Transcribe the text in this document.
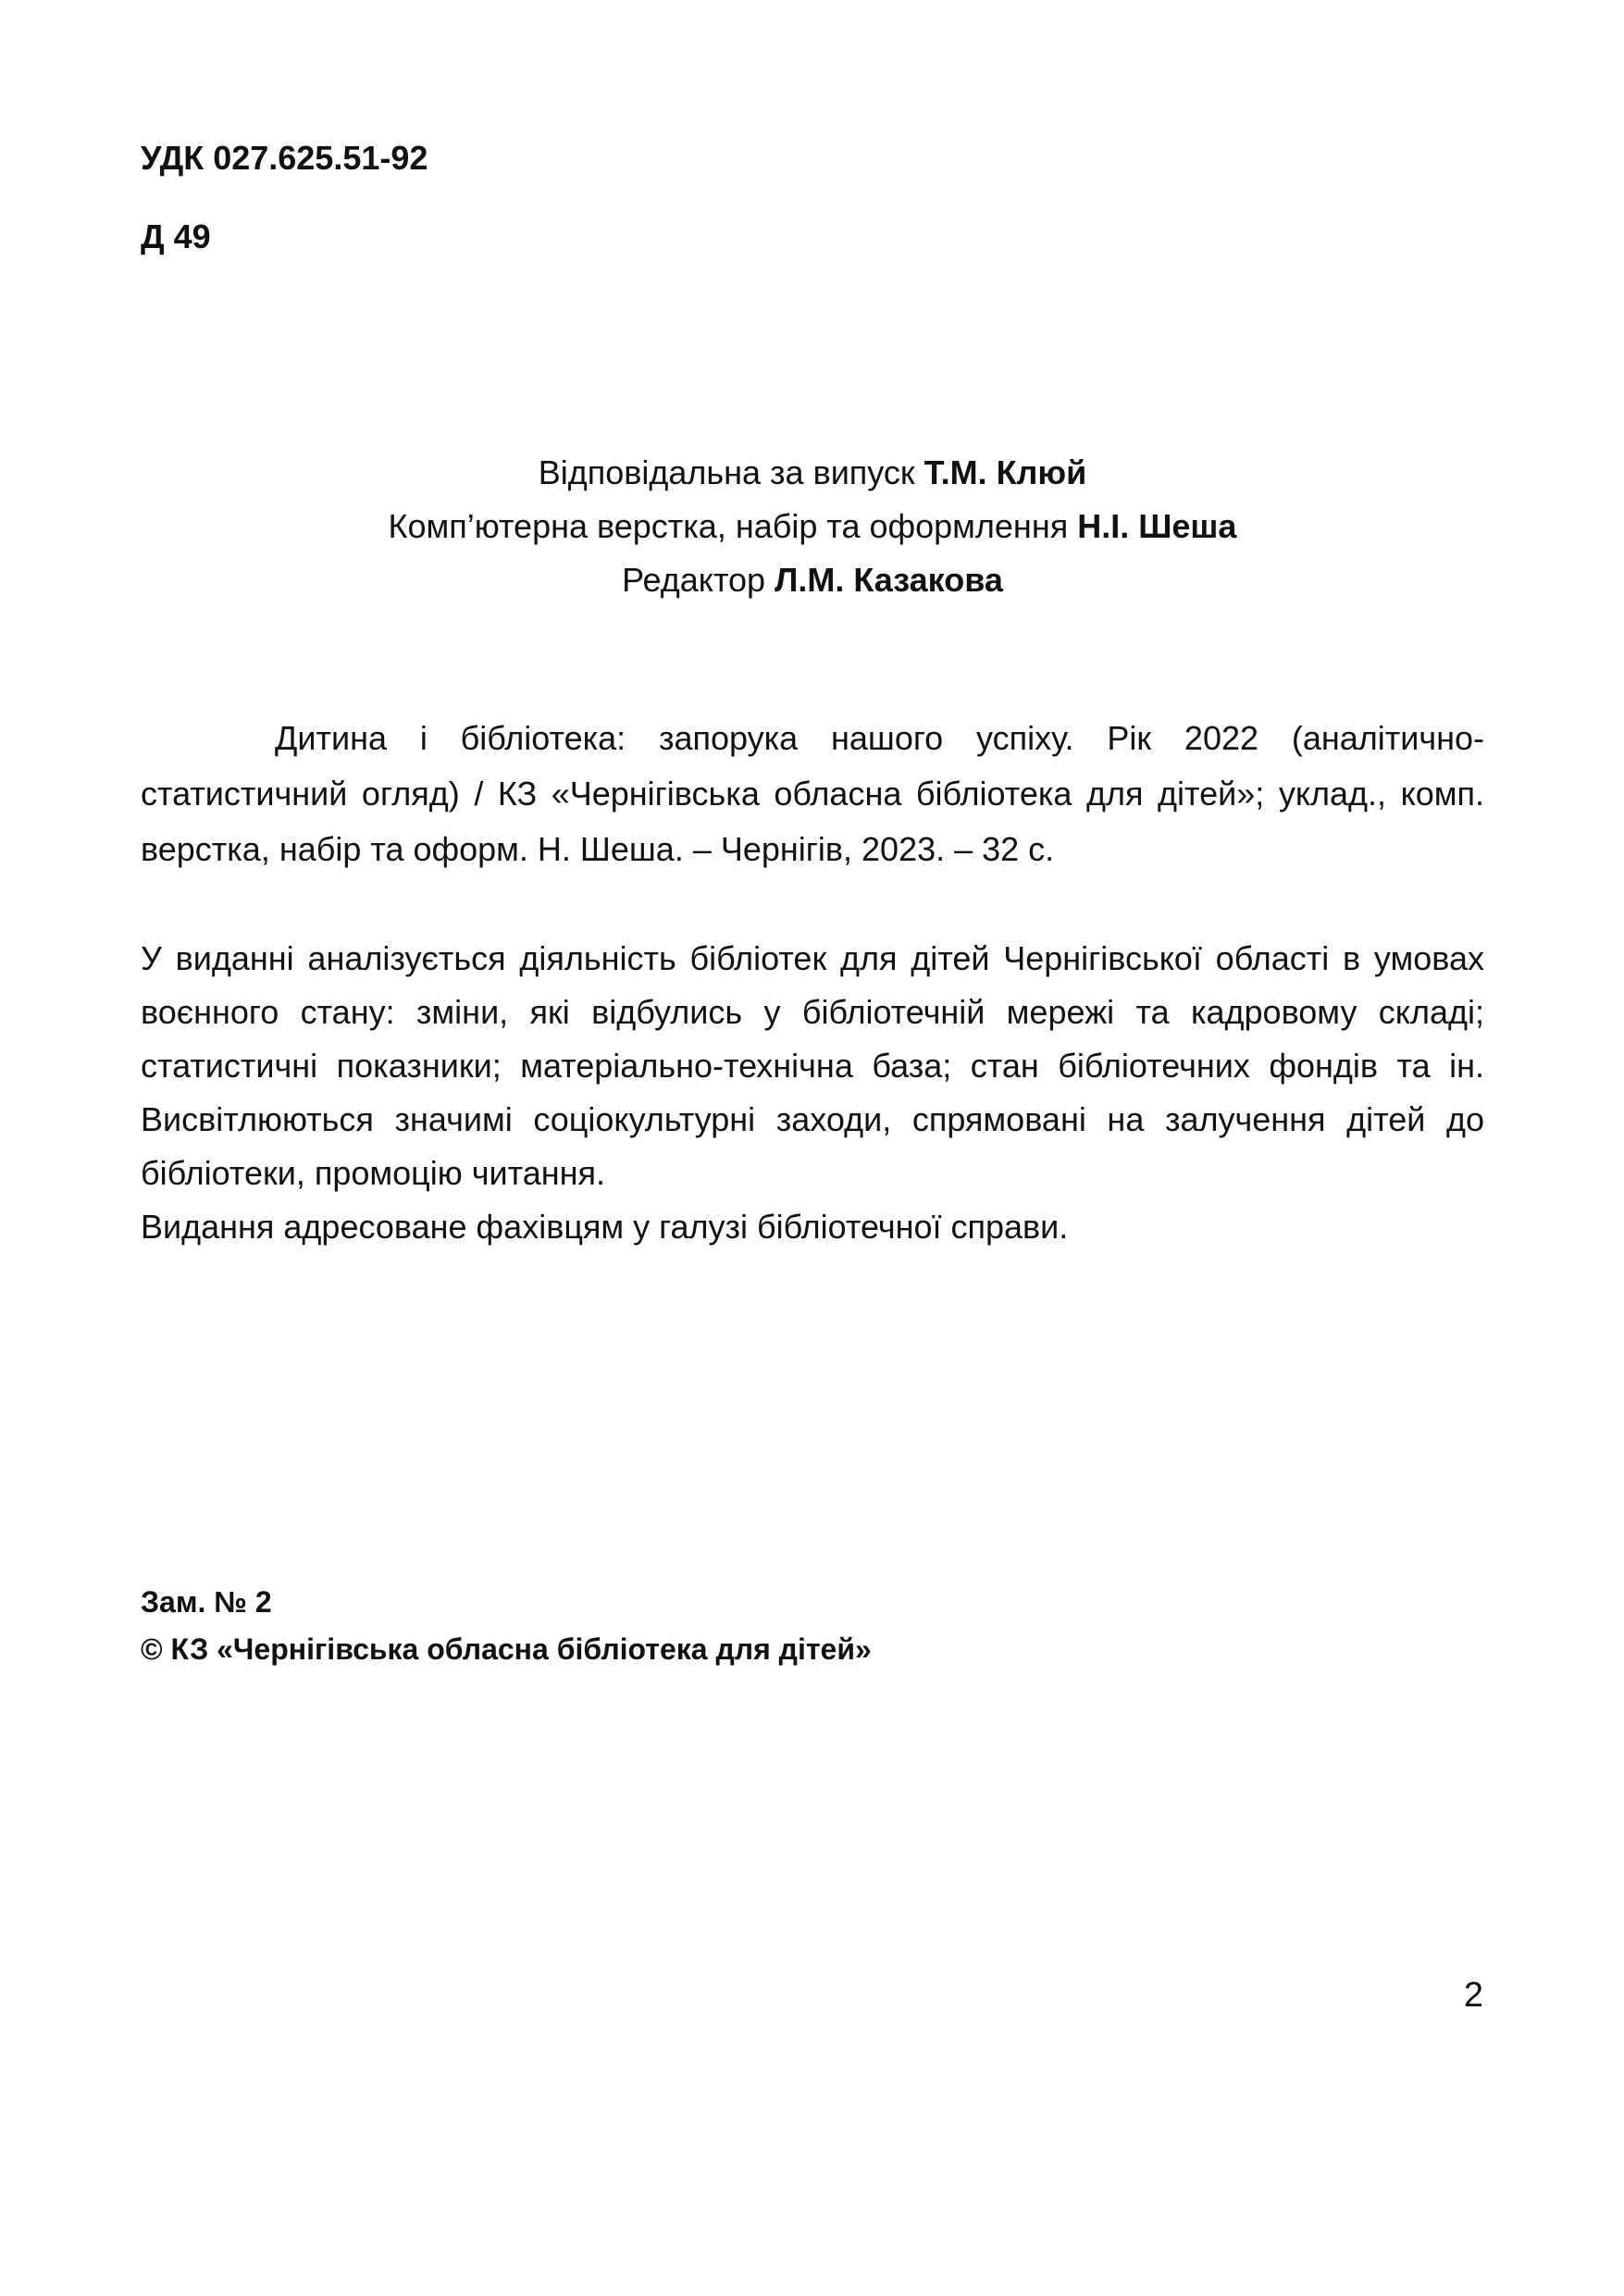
УДК 027.625.51-92
Д 49
Відповідальна за випуск Т.М. Клюй
Комп’ютерна верстка, набір та оформлення Н.І. Шеша
Редактор Л.М. Казакова

Дитина і бібліотека: запорука нашого успіху. Рік 2022 (аналітично-статистичний огляд) / КЗ «Чернігівська обласна бібліотека для дітей»; уклад., комп. верстка, набір та оформ. Н. Шеша. – Чернігів, 2023. – 32 с.

У виданні аналізується діяльність бібліотек для дітей Чернігівської області в умовах воєнного стану: зміни, які відбулись у бібліотечній мережі та кадровому складі; статистичні показники; матеріально-технічна база; стан бібліотечних фондів та ін. Висвітлюються значимі соціокультурні заходи, спрямовані на залучення дітей до бібліотеки, промоцію читання.

Видання адресоване фахівцям у галузі бібліотечної справи.
Зам. № 2
© КЗ «Чернігівська обласна бібліотека для дітей»
2
